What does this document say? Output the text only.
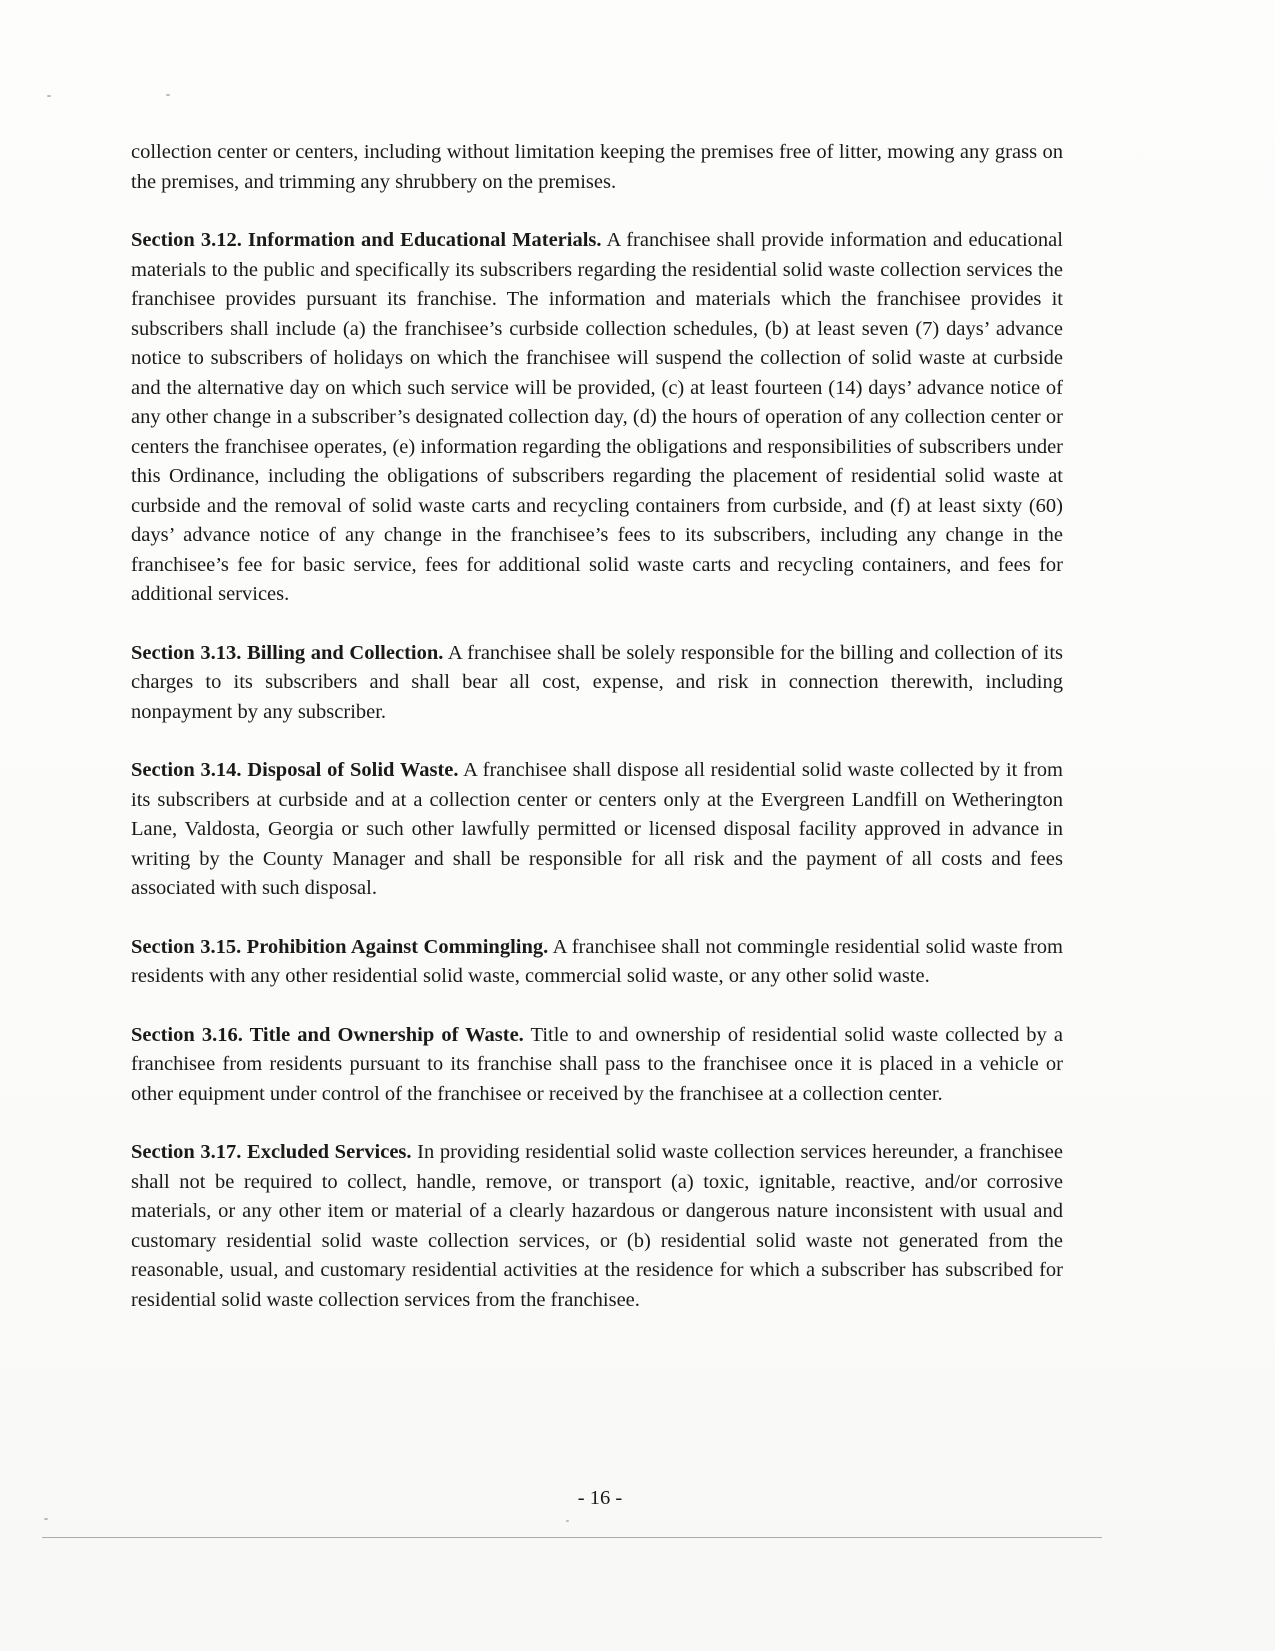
collection center or centers, including without limitation keeping the premises free of litter, mowing any grass on the premises, and trimming any shrubbery on the premises.

Section 3.12. Information and Educational Materials. A franchisee shall provide information and educational materials to the public and specifically its subscribers regarding the residential solid waste collection services the franchisee provides pursuant its franchise. The information and materials which the franchisee provides it subscribers shall include (a) the franchisee’s curbside collection schedules, (b) at least seven (7) days’ advance notice to subscribers of holidays on which the franchisee will suspend the collection of solid waste at curbside and the alternative day on which such service will be provided, (c) at least fourteen (14) days’ advance notice of any other change in a subscriber’s designated collection day, (d) the hours of operation of any collection center or centers the franchisee operates, (e) information regarding the obligations and responsibilities of subscribers under this Ordinance, including the obligations of subscribers regarding the placement of residential solid waste at curbside and the removal of solid waste carts and recycling containers from curbside, and (f) at least sixty (60) days’ advance notice of any change in the franchisee’s fees to its subscribers, including any change in the franchisee’s fee for basic service, fees for additional solid waste carts and recycling containers, and fees for additional services.

Section 3.13. Billing and Collection. A franchisee shall be solely responsible for the billing and collection of its charges to its subscribers and shall bear all cost, expense, and risk in connection therewith, including nonpayment by any subscriber.

Section 3.14. Disposal of Solid Waste. A franchisee shall dispose all residential solid waste collected by it from its subscribers at curbside and at a collection center or centers only at the Evergreen Landfill on Wetherington Lane, Valdosta, Georgia or such other lawfully permitted or licensed disposal facility approved in advance in writing by the County Manager and shall be responsible for all risk and the payment of all costs and fees associated with such disposal.

Section 3.15. Prohibition Against Commingling. A franchisee shall not commingle residential solid waste from residents with any other residential solid waste, commercial solid waste, or any other solid waste.

Section 3.16. Title and Ownership of Waste. Title to and ownership of residential solid waste collected by a franchisee from residents pursuant to its franchise shall pass to the franchisee once it is placed in a vehicle or other equipment under control of the franchisee or received by the franchisee at a collection center.

Section 3.17. Excluded Services. In providing residential solid waste collection services hereunder, a franchisee shall not be required to collect, handle, remove, or transport (a) toxic, ignitable, reactive, and/or corrosive materials, or any other item or material of a clearly hazardous or dangerous nature inconsistent with usual and customary residential solid waste collection services, or (b) residential solid waste not generated from the reasonable, usual, and customary residential activities at the residence for which a subscriber has subscribed for residential solid waste collection services from the franchisee.

- 16 -
